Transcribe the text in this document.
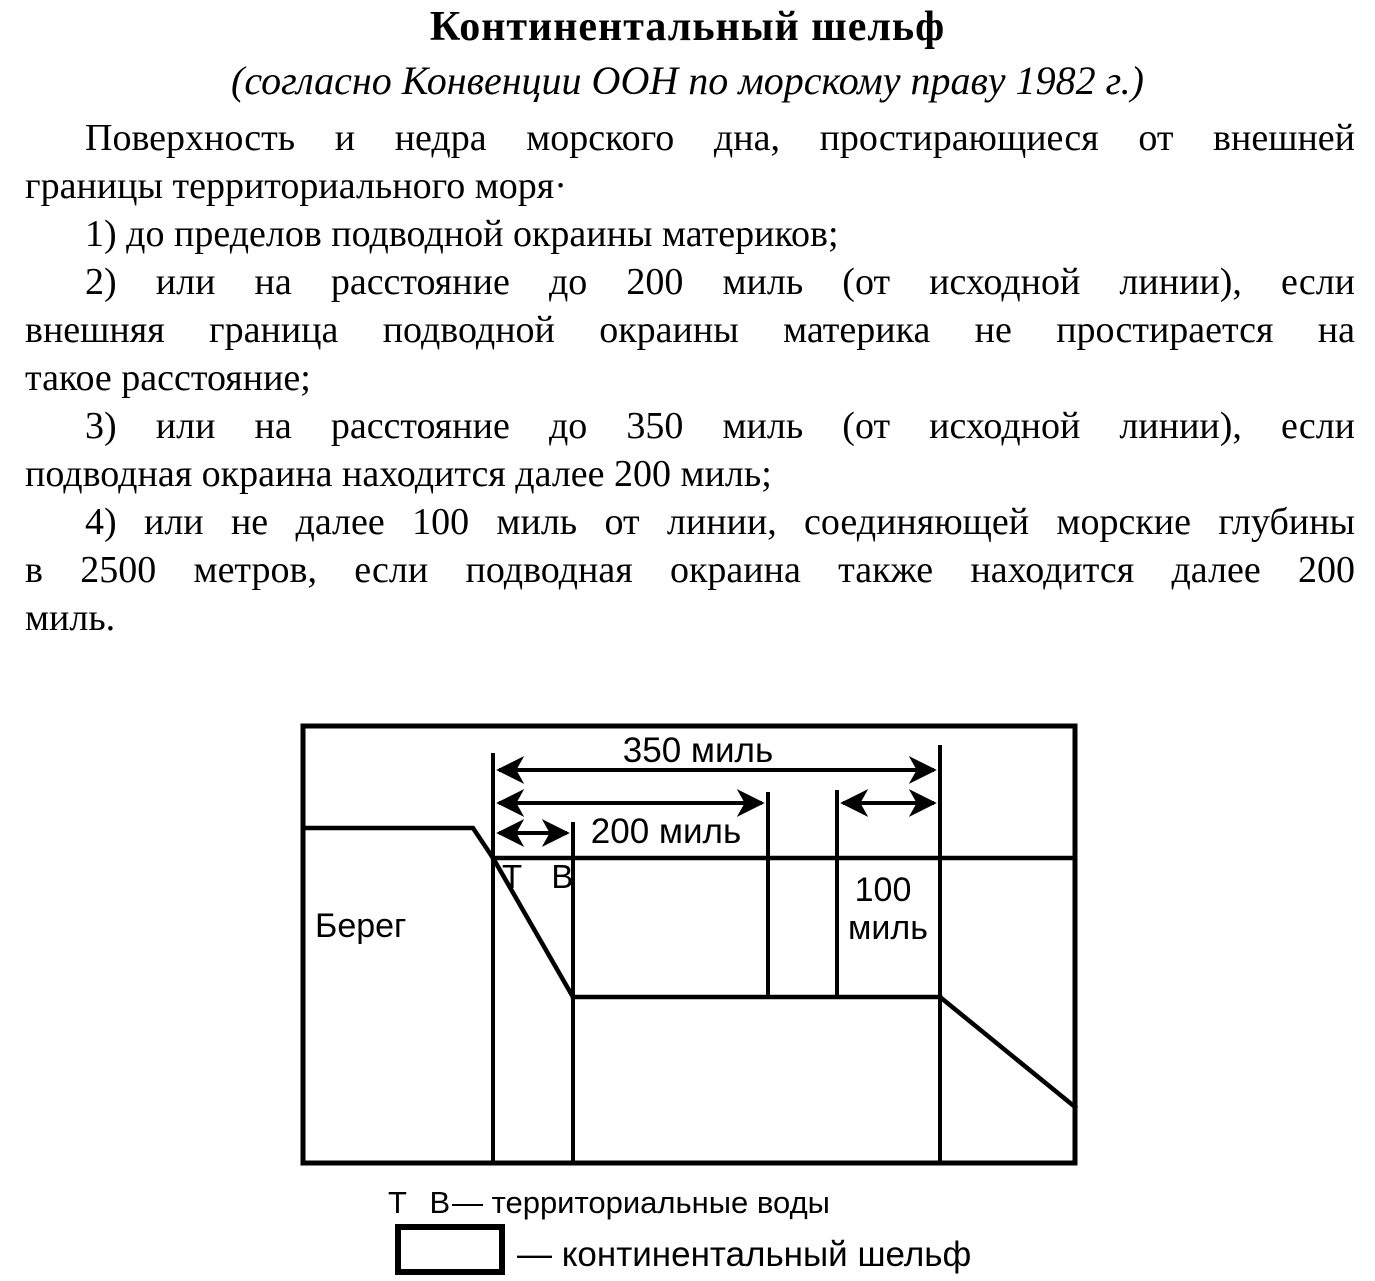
Континентальный шельф
(согласно Конвенции ООН по морскому праву 1982 г.)
Поверхность и недра морского дна, простирающиеся от внешней
границы территориального моря·
1) до пределов подводной окраины материков;
2) или на расстояние до 200 миль (от исходной линии), если
внешняя граница подводной окраины материка не простирается на
такое расстояние;
3) или на расстояние до 350 миль (от исходной линии), если
подводная окраина находится далее 200 миль;
4) или не далее 100 миль от линии, соединяющей морские глубины
в 2500 метров, если подводная окраина также находится далее 200
миль.
350 миль
200 миль
Т В
Берег
100
миль
Т В
— территориальные воды
— континентальный шельф
